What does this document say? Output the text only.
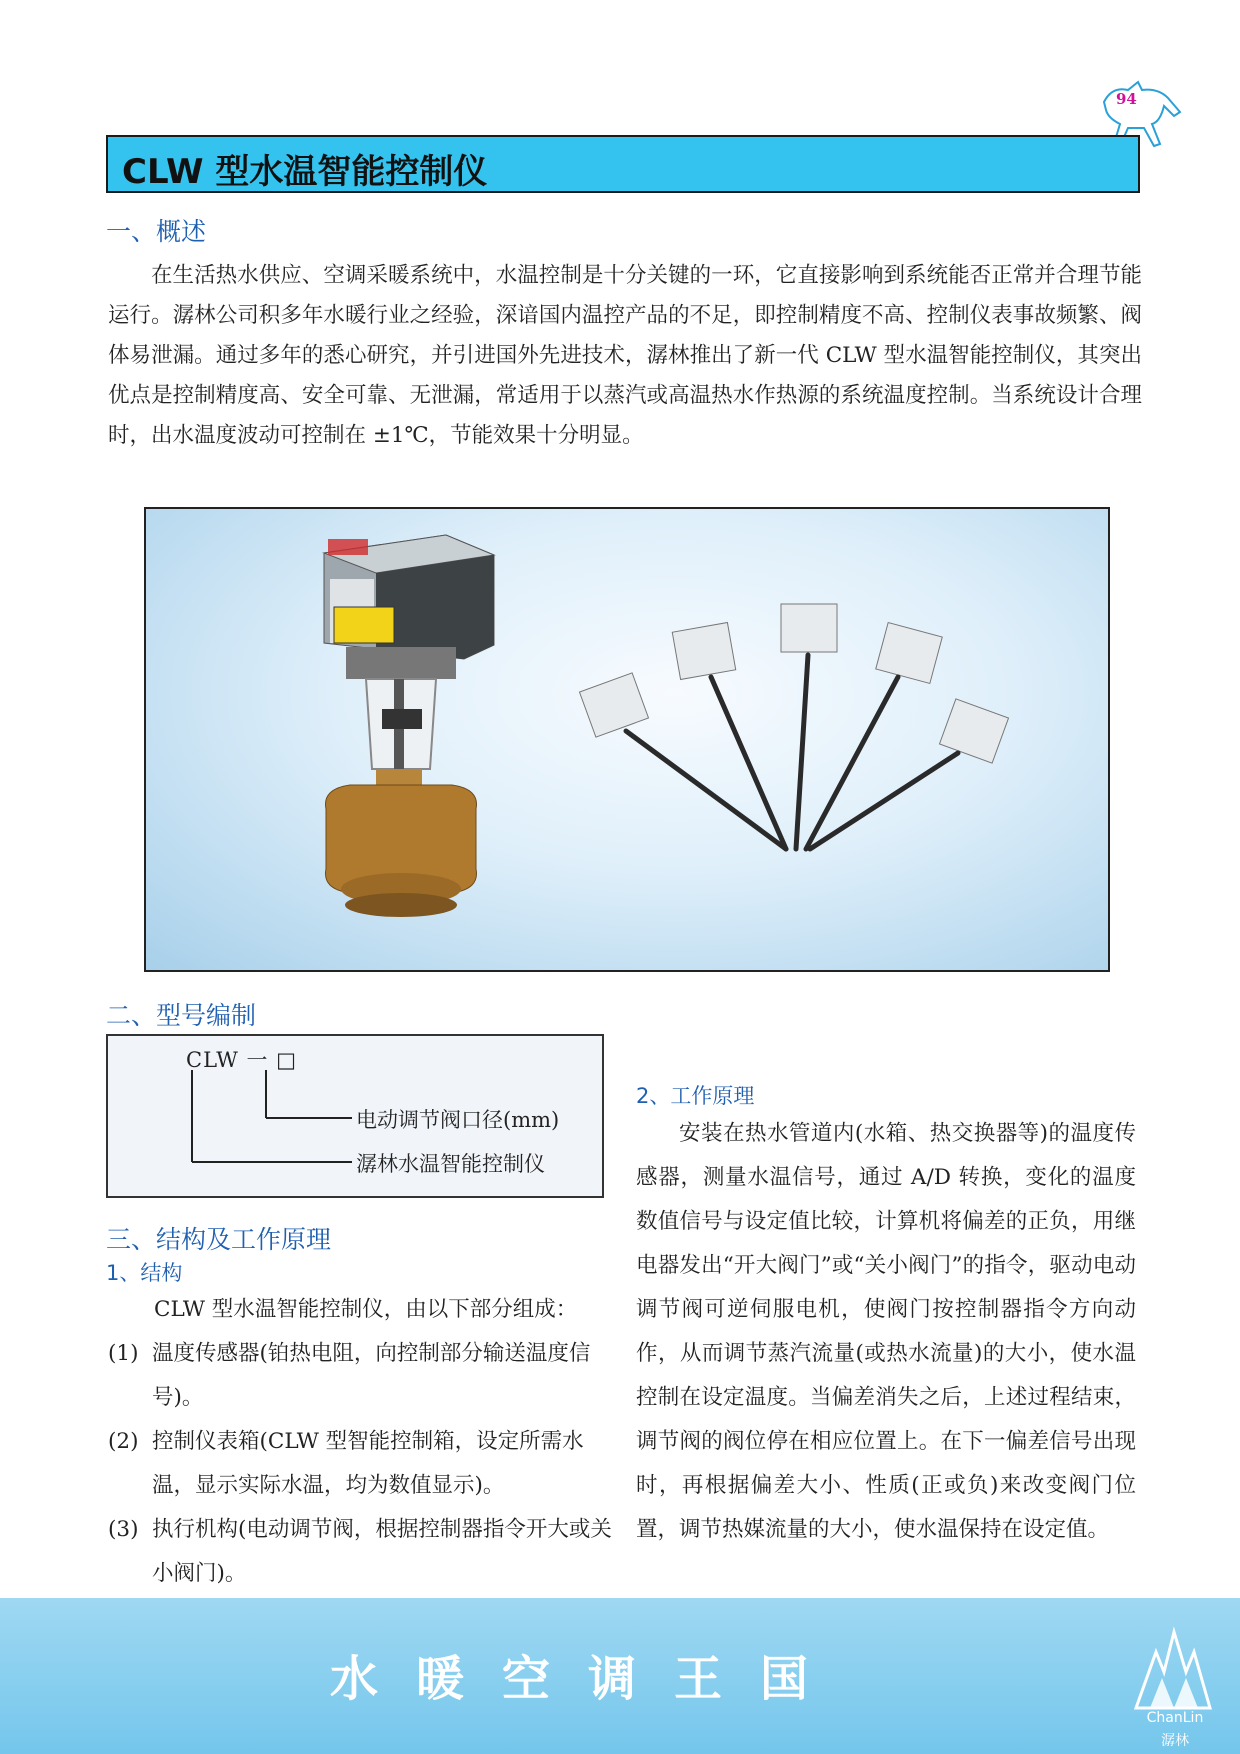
94
CLW 型水温智能控制仪
一、概述
在生活热水供应、空调采暖系统中，水温控制是十分关键的一环，它直接影响到系统能否正常并合理节能运行。潺林公司积多年水暖行业之经验，深谙国内温控产品的不足，即控制精度不高、控制仪表事故频繁、阀体易泄漏。通过多年的悉心研究，并引进国外先进技术，潺林推出了新一代 CLW 型水温智能控制仪，其突出优点是控制精度高、安全可靠、无泄漏，常适用于以蒸汽或高温热水作热源的系统温度控制。当系统设计合理时，出水温度波动可控制在 ±1℃，节能效果十分明显。
二、型号编制
CLW 一 □
电动调节阀口径(mm)
潺林水温智能控制仪
三、结构及工作原理
1、结构
CLW 型水温智能控制仪，由以下部分组成：
(1) 温度传感器(铂热电阻，向控制部分输送温度信号)。
(2) 控制仪表箱(CLW 型智能控制箱，设定所需水温，显示实际水温，均为数值显示)。
(3) 执行机构(电动调节阀，根据控制器指令开大或关小阀门)。
2、工作原理
安装在热水管道内(水箱、热交换器等)的温度传感器，测量水温信号，通过 A/D 转换，变化的温度数值信号与设定值比较，计算机将偏差的正负，用继电器发出“开大阀门”或“关小阀门”的指令，驱动电动调节阀可逆伺服电机，使阀门按控制器指令方向动作，从而调节蒸汽流量(或热水流量)的大小，使水温控制在设定温度。当偏差消失之后，上述过程结束，调节阀的阀位停在相应位置上。在下一偏差信号出现时，再根据偏差大小、性质(正或负)来改变阀门位置，调节热媒流量的大小，使水温保持在设定值。
水暖空调王国
ChanLin
潺林
